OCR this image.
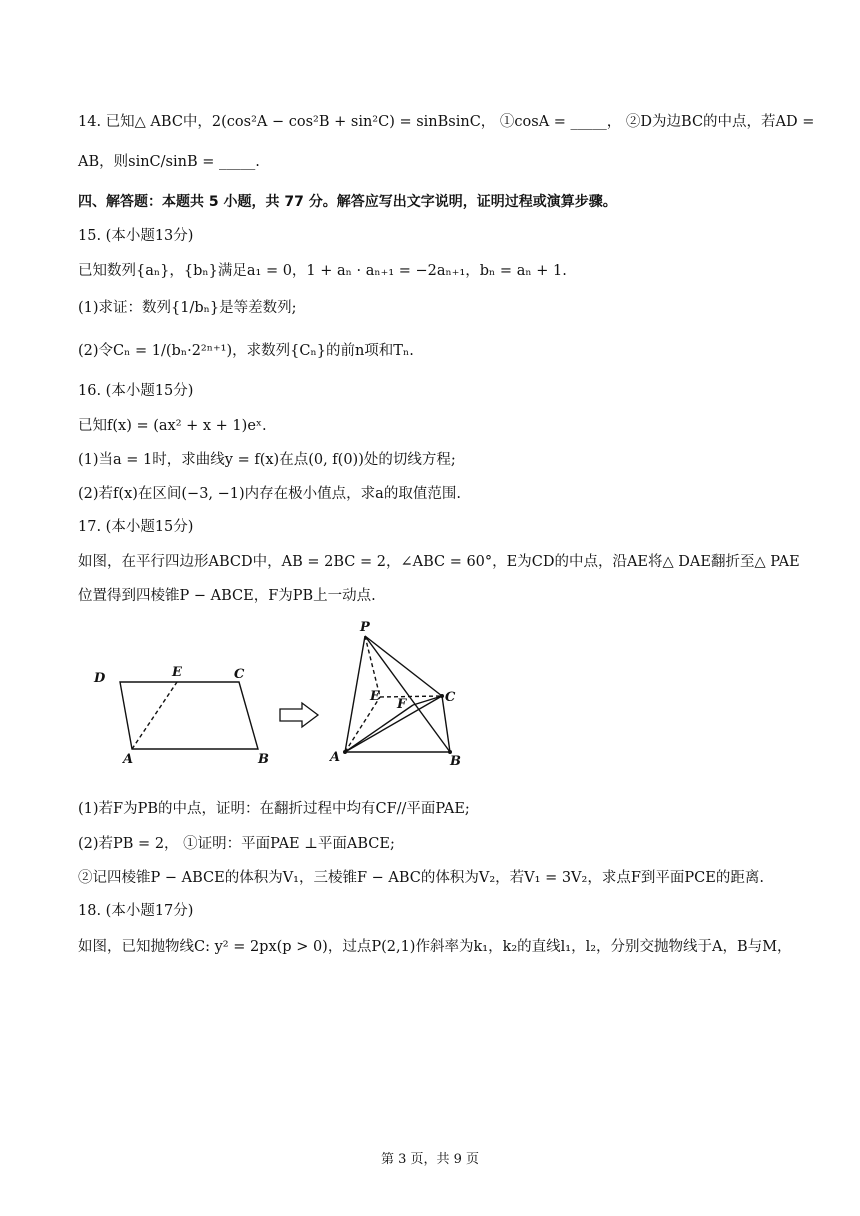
14. 已知△ ABC中，2(cos²A − cos²B + sin²C) = sinBsinC， ①cosA = _____， ②D为边BC的中点，若AD =
AB，则sinC/sinB = _____.
四、解答题：本题共 5 小题，共 77 分。解答应写出文字说明，证明过程或演算步骤。
15. (本小题13分)
已知数列{aₙ}，{bₙ}满足a₁ = 0，1 + aₙ · aₙ₊₁ = −2aₙ₊₁，bₙ = aₙ + 1.
(1)求证：数列{1/bₙ}是等差数列;
(2)令Cₙ = 1/(bₙ·2²ⁿ⁺¹)，求数列{Cₙ}的前n项和Tₙ.
16. (本小题15分)
已知f(x) = (ax² + x + 1)eˣ.
(1)当a = 1时，求曲线y = f(x)在点(0, f(0))处的切线方程;
(2)若f(x)在区间(−3, −1)内存在极小值点，求a的取值范围.
17. (本小题15分)
如图，在平行四边形ABCD中，AB = 2BC = 2，∠ABC = 60°，E为CD的中点，沿AE将△ DAE翻折至△ PAE
位置得到四棱锥P − ABCE，F为PB上一动点.
D	E	C
A	B
P
E
F	C
A	B
(1)若F为PB的中点，证明：在翻折过程中均有CF//平面PAE;
(2)若PB = 2， ①证明：平面PAE ⊥平面ABCE;
②记四棱锥P − ABCE的体积为V₁，三棱锥F − ABC的体积为V₂，若V₁ = 3V₂，求点F到平面PCE的距离.
18. (本小题17分)
如图，已知抛物线C: y² = 2px(p > 0)，过点P(2,1)作斜率为k₁，k₂的直线l₁，l₂，分别交抛物线于A，B与M，
第 3 页，共 9 页
